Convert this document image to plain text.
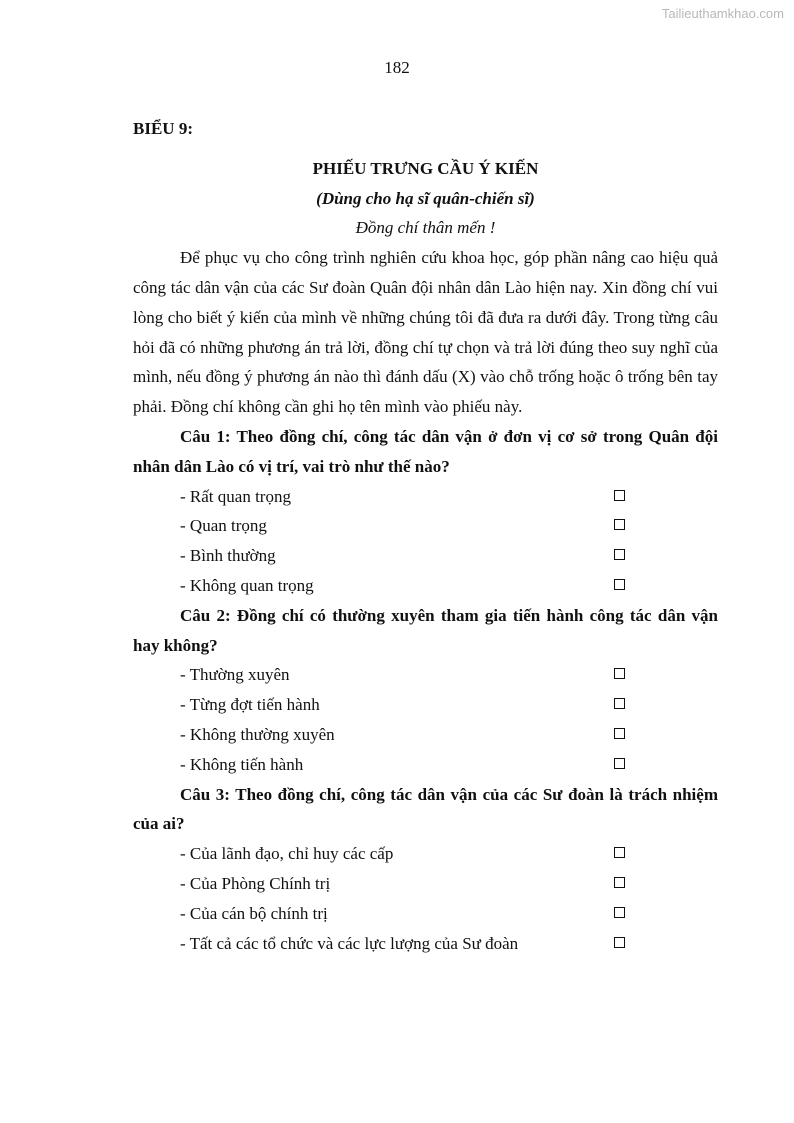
Tailieuthamkhao.com
182
BIỂU 9:
PHIẾU TRƯNG CẦU Ý KIẾN
(Dùng cho hạ sĩ quân-chiến sĩ)
Đồng chí thân mến !

Để phục vụ cho công trình nghiên cứu khoa học, góp phần nâng cao hiệu quả công tác dân vận của các Sư đoàn Quân đội nhân dân Lào hiện nay. Xin đồng chí vui lòng cho biết ý kiến của mình về những chúng tôi đã đưa ra dưới đây. Trong từng câu hỏi đã có những phương án trả lời, đồng chí tự chọn và trả lời đúng theo suy nghĩ của mình, nếu đồng ý phương án nào thì đánh dấu (X) vào chỗ trống hoặc ô trống bên tay phải. Đồng chí không cần ghi họ tên mình vào phiếu này.

Câu 1: Theo đồng chí, công tác dân vận ở đơn vị cơ sở trong Quân đội nhân dân Lào có vị trí, vai trò như thế nào?

- Rất quan trọng
- Quan trọng
- Bình thường
- Không quan trọng

Câu 2: Đồng chí có thường xuyên tham gia tiến hành công tác dân vận hay không?

- Thường xuyên
- Từng đợt tiến hành
- Không thường xuyên
- Không tiến hành

Câu 3: Theo đồng chí, công tác dân vận của các Sư đoàn là trách nhiệm của ai?

- Của lãnh đạo, chỉ huy các cấp
- Của Phòng Chính trị
- Của cán bộ chính trị
- Tất cả các tổ chức và các lực lượng của Sư đoàn
